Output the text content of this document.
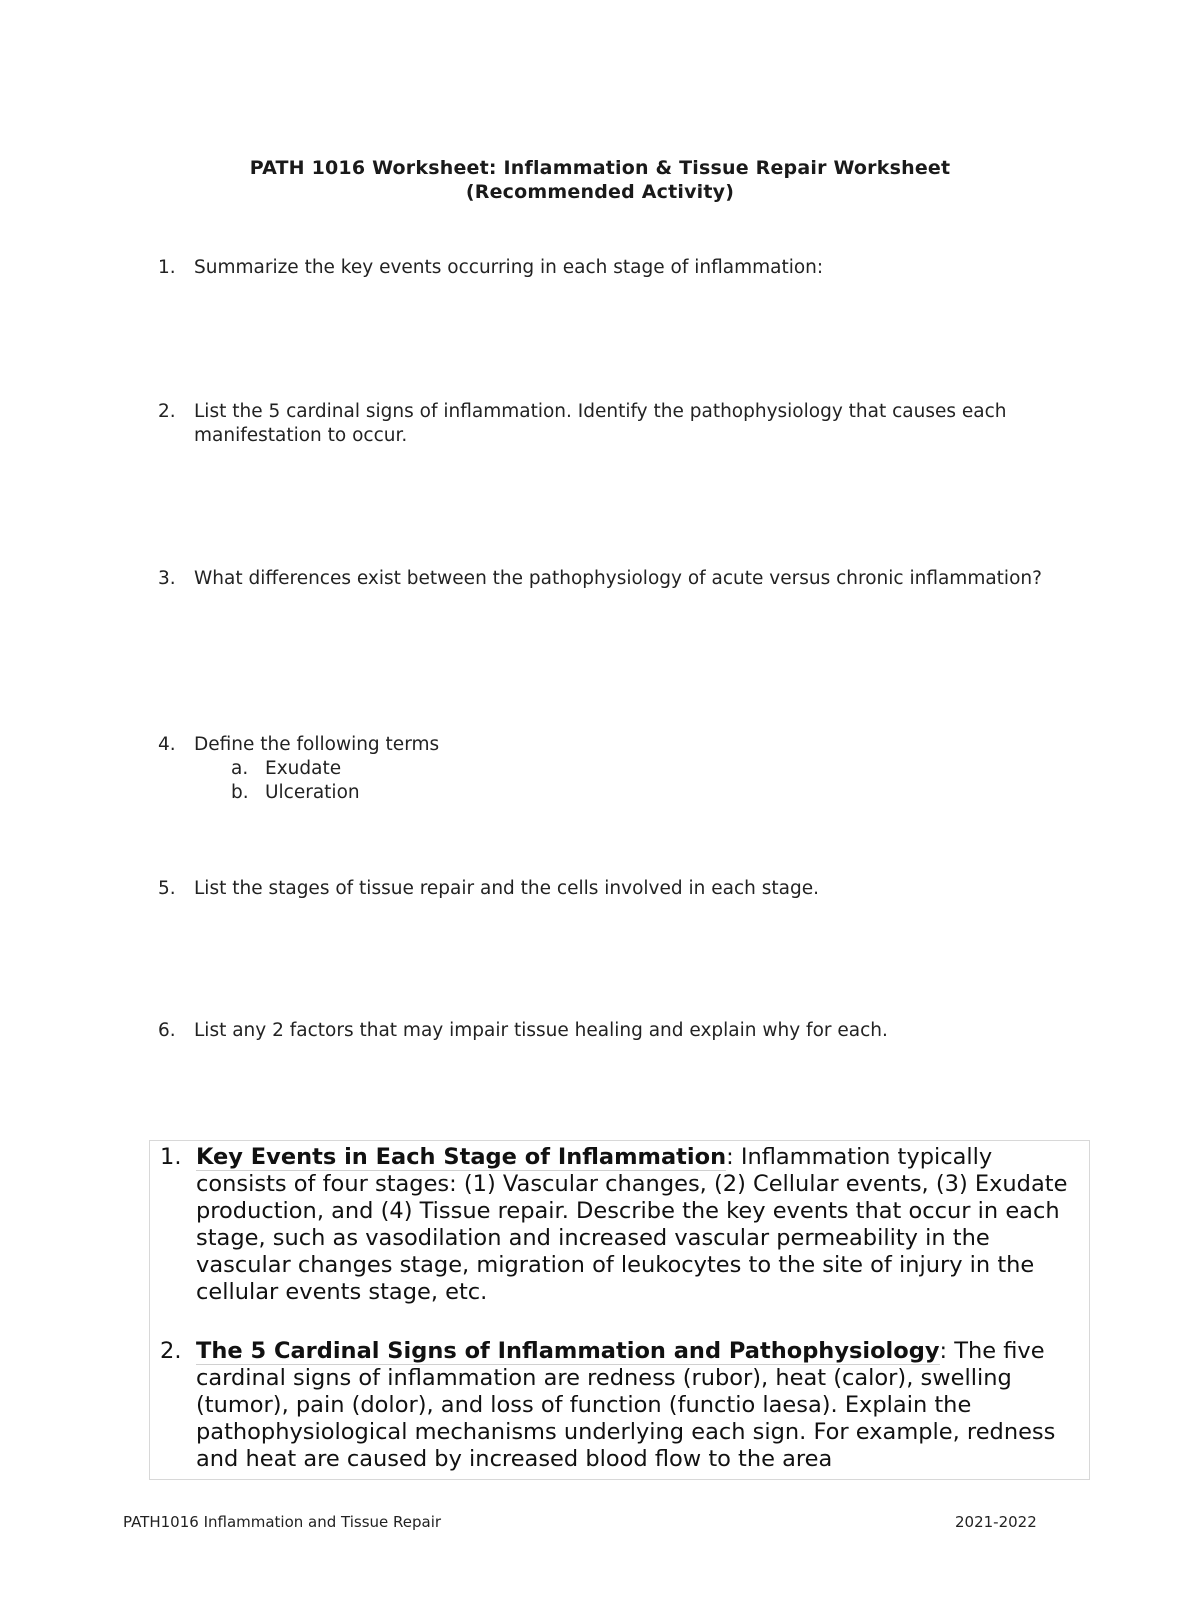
PATH 1016 Worksheet: Inflammation & Tissue Repair Worksheet
(Recommended Activity)
1. Summarize the key events occurring in each stage of inflammation:
2. List the 5 cardinal signs of inflammation. Identify the pathophysiology that causes each manifestation to occur.
3. What differences exist between the pathophysiology of acute versus chronic inflammation?
4. Define the following terms
a. Exudate
b. Ulceration
5. List the stages of tissue repair and the cells involved in each stage.
6. List any 2 factors that may impair tissue healing and explain why for each.
1. Key Events in Each Stage of Inflammation: Inflammation typically consists of four stages: (1) Vascular changes, (2) Cellular events, (3) Exudate production, and (4) Tissue repair. Describe the key events that occur in each stage, such as vasodilation and increased vascular permeability in the vascular changes stage, migration of leukocytes to the site of injury in the cellular events stage, etc.
2. The 5 Cardinal Signs of Inflammation and Pathophysiology: The five cardinal signs of inflammation are redness (rubor), heat (calor), swelling (tumor), pain (dolor), and loss of function (functio laesa). Explain the pathophysiological mechanisms underlying each sign. For example, redness and heat are caused by increased blood flow to the area
PATH1016 Inflammation and Tissue Repair	2021-2022
